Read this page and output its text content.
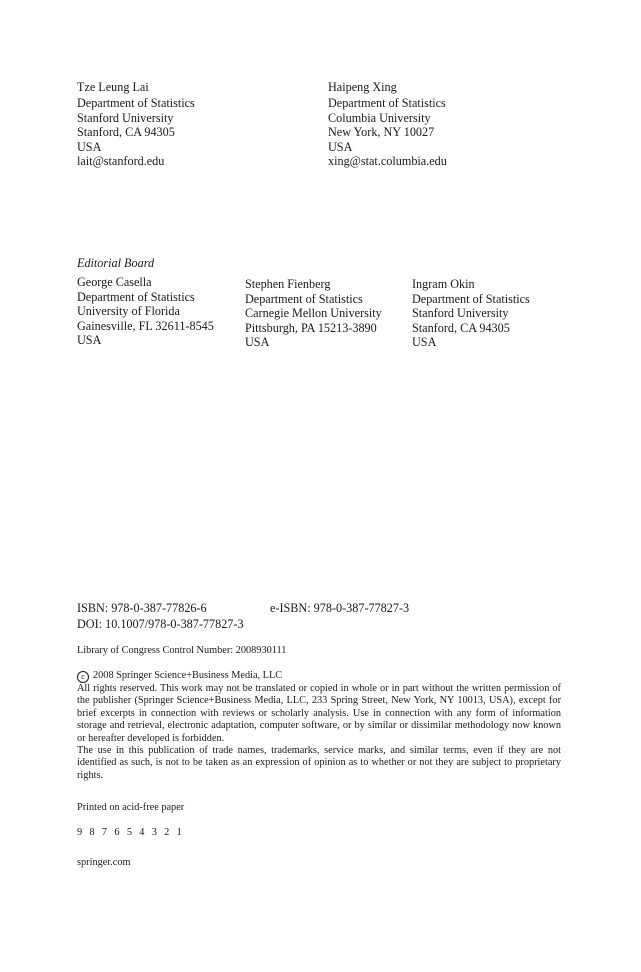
Tze Leung Lai
Department of Statistics
Stanford University
Stanford, CA 94305
USA
lait@stanford.edu
Haipeng Xing
Department of Statistics
Columbia University
New York, NY 10027
USA
xing@stat.columbia.edu
Editorial Board
George Casella
Department of Statistics
University of Florida
Gainesville, FL 32611-8545
USA
Stephen Fienberg
Department of Statistics
Carnegie Mellon University
Pittsburgh, PA 15213-3890
USA
Ingram Okin
Department of Statistics
Stanford University
Stanford, CA 94305
USA
ISBN: 978-0-387-77826-6	e-ISBN: 978-0-387-77827-3
DOI: 10.1007/978-0-387-77827-3
Library of Congress Control Number: 2008930111
c 2008 Springer Science+Business Media, LLC
All rights reserved. This work may not be translated or copied in whole or in part without the written permission of the publisher (Springer Science+Business Media, LLC, 233 Spring Street, New York, NY 10013, USA), except for brief excerpts in connection with reviews or scholarly analysis. Use in connection with any form of information storage and retrieval, electronic adaptation, computer software, or by similar or dissimilar methodology now known or hereafter developed is forbidden.
The use in this publication of trade names, trademarks, service marks, and similar terms, even if they are not identified as such, is not to be taken as an expression of opinion as to whether or not they are subject to proprietary rights.
Printed on acid-free paper
9 8 7 6 5 4 3 2 1
springer.com
